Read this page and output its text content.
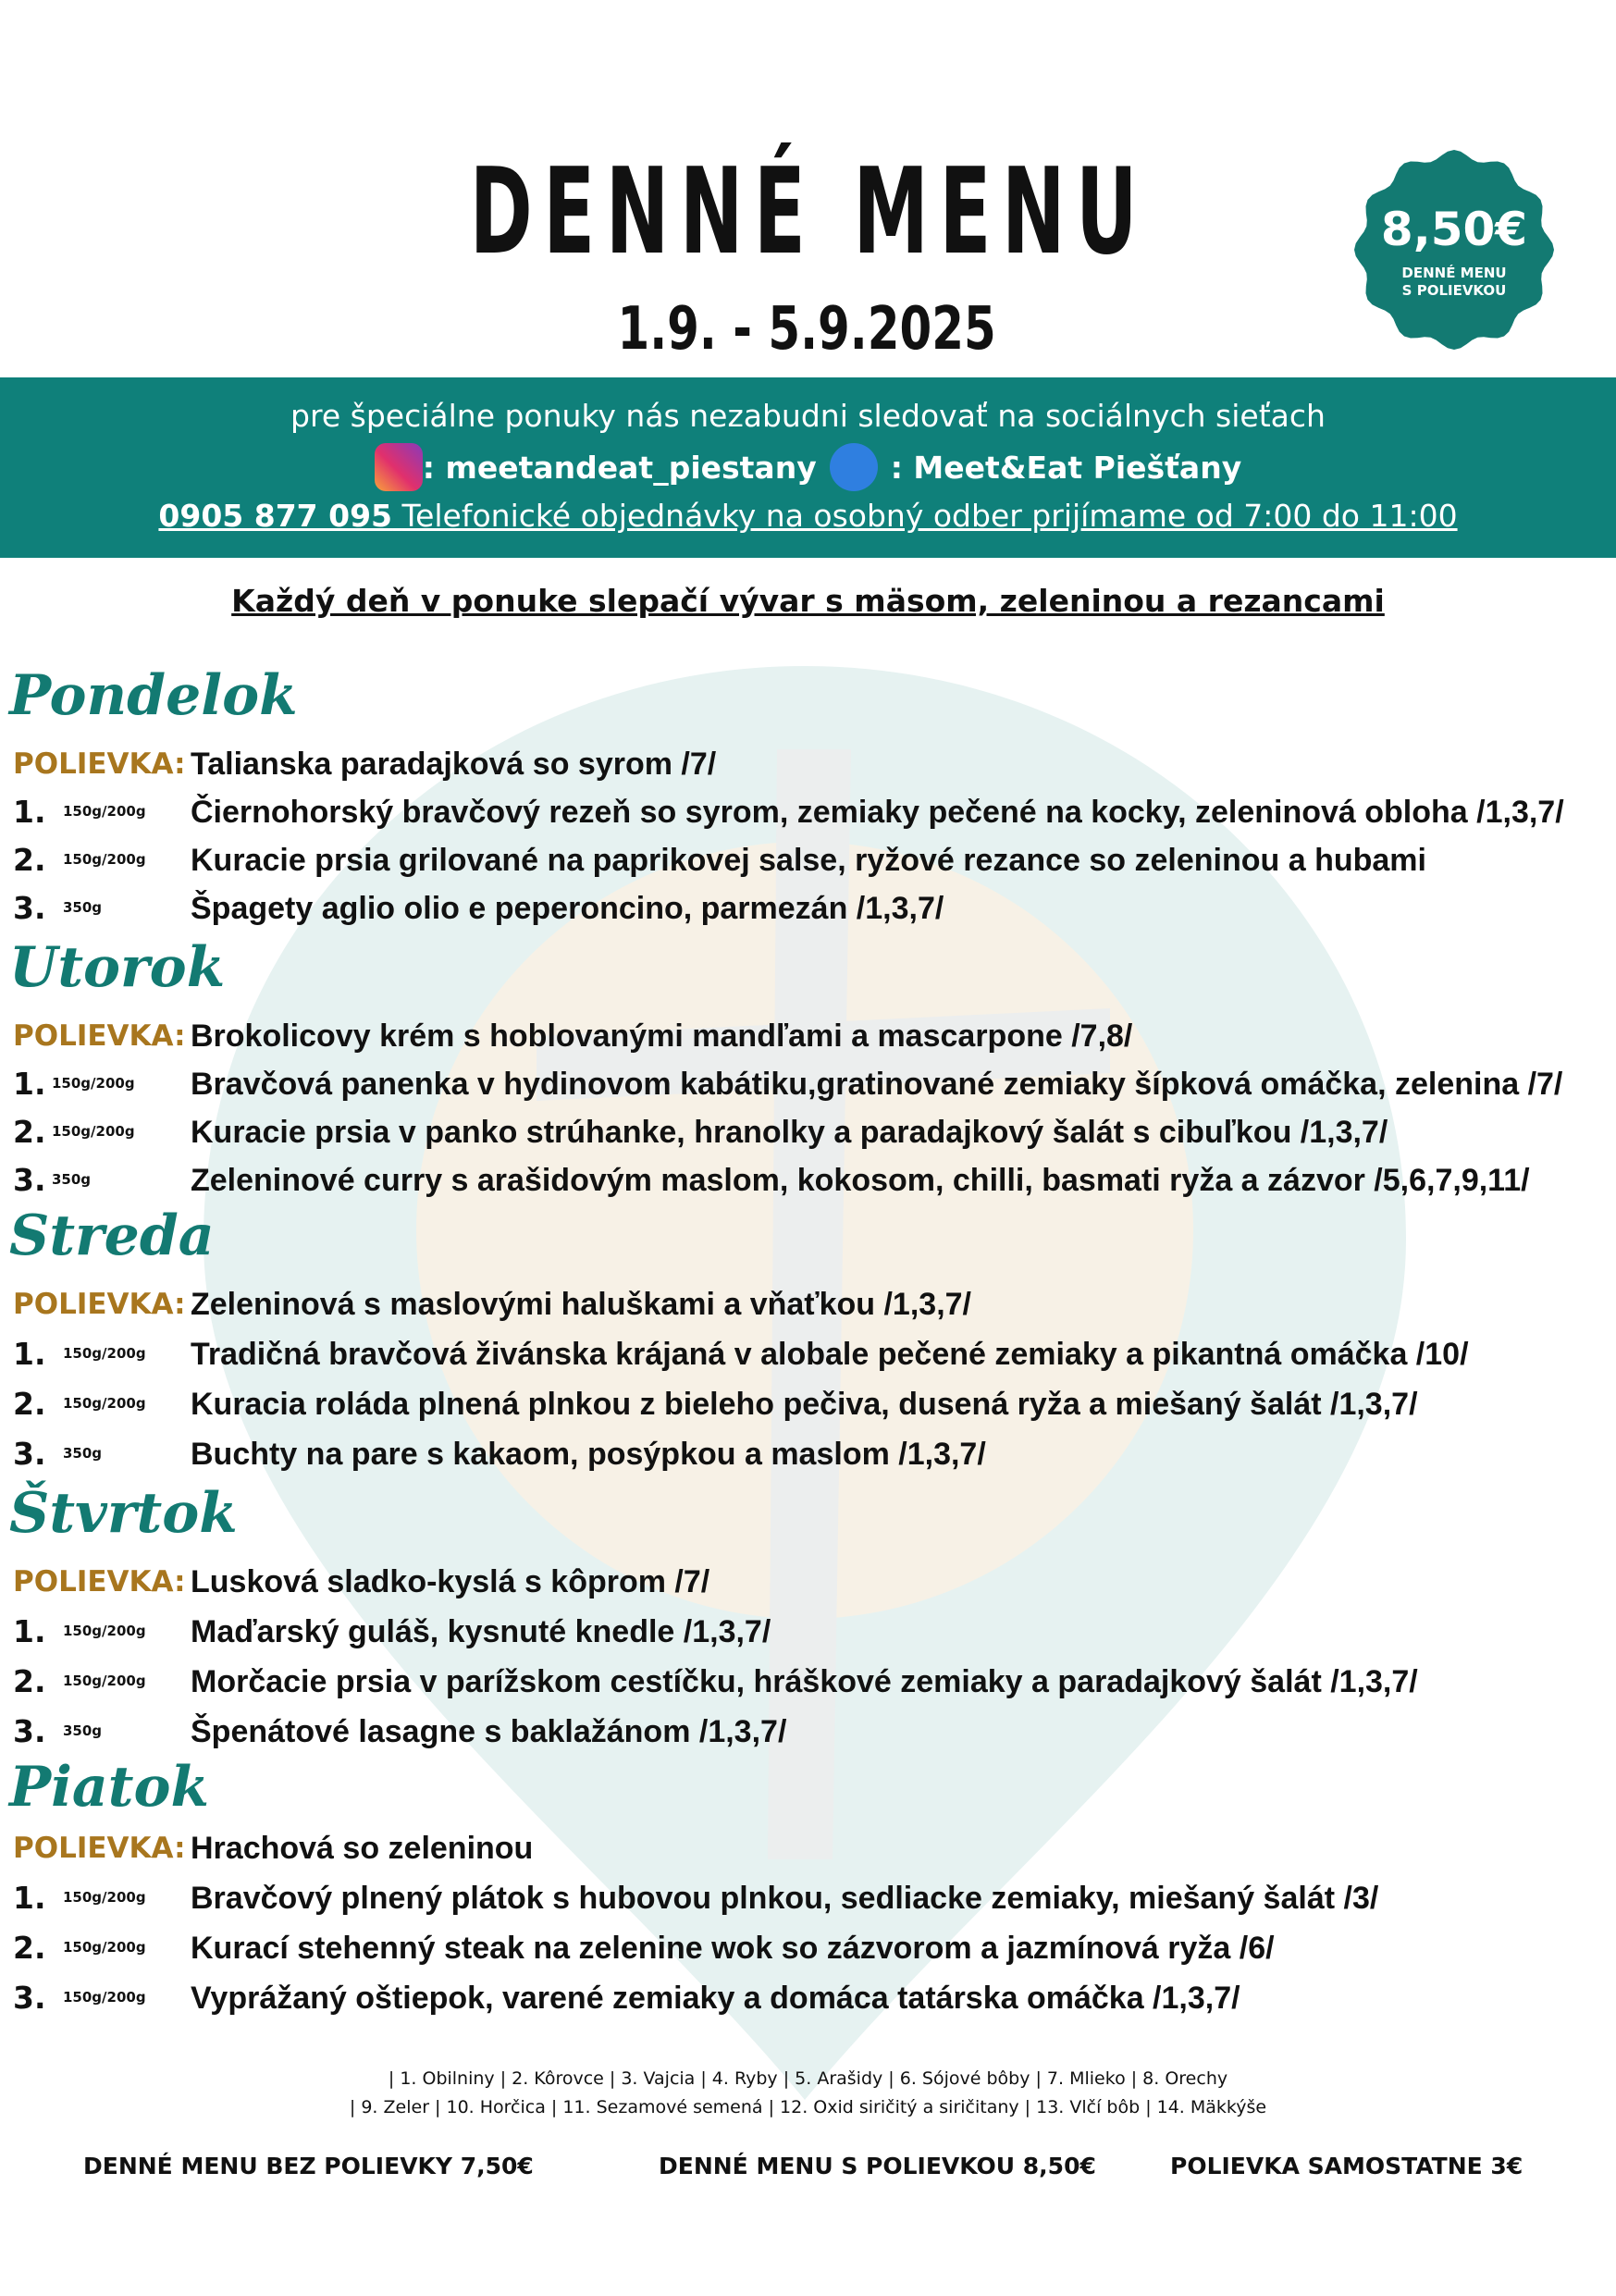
DENNÉ MENU
1.9. - 5.9.2025
8,50€
DENNÉ MENU
S POLIEVKOU
pre špeciálne ponuky nás nezabudni sledovať na sociálnych sieťach
: meetandeat_piestany : Meet&Eat Piešťany
0905 877 095 Telefonické objednávky na osobný odber prijímame od 7:00 do 11:00
Každý deň v ponuke slepačí vývar s mäsom, zeleninou a rezancami
Pondelok
POLIEVKA: Talianska paradajková so syrom /7/
1. 150g/200g Čiernohorský bravčový rezeň so syrom, zemiaky pečené na kocky, zeleninová obloha /1,3,7/
2. 150g/200g Kuracie prsia grilované na paprikovej salse, ryžové rezance so zeleninou a hubami
3. 350g	Špagety aglio olio e peperoncino, parmezán /1,3,7/
Utorok
POLIEVKA: Brokolicovy krém s hoblovanými mandľami a mascarpone /7,8/
1. 150g/200g Bravčová panenka v hydinovom kabátiku,gratinované zemiaky šípková omáčka, zelenina /7/
2. 150g/200g Kuracie prsia v panko strúhanke, hranolky a paradajkový šalát s cibuľkou /1,3,7/
3. 350g	Zeleninové curry s arašidovým maslom, kokosom, chilli, basmati ryža a zázvor /5,6,7,9,11/
Streda
POLIEVKA: Zeleninová s maslovými haluškami a vňaťkou /1,3,7/
1. 150g/200g Tradičná bravčová živánska krájaná v alobale pečené zemiaky a pikantná omáčka /10/
2. 150g/200g Kuracia roláda plnená plnkou z bieleho pečiva, dusená ryža a miešaný šalát /1,3,7/
3. 350g	Buchty na pare s kakaom, posýpkou a maslom /1,3,7/
Štvrtok
POLIEVKA: Lusková sladko-kyslá s kôprom /7/
1. 150g/200g Maďarský guláš, kysnuté knedle /1,3,7/
2. 150g/200g Morčacie prsia v parížskom cestíčku, hráškové zemiaky a paradajkový šalát /1,3,7/
3. 350g	Špenátové lasagne s baklažánom /1,3,7/
Piatok
POLIEVKA: Hrachová so zeleninou
1. 150g/200g Bravčový plnený plátok s hubovou plnkou, sedliacke zemiaky, miešaný šalát /3/
2. 150g/200g Kurací stehenný steak na zelenine wok so zázvorom a jazmínová ryža /6/
3. 150g/200g Vyprážaný oštiepok, varené zemiaky a domáca tatárska omáčka /1,3,7/
| 1. Obilniny | 2. Kôrovce | 3. Vajcia | 4. Ryby | 5. Arašidy | 6. Sójové bôby | 7. Mlieko | 8. Orechy
| 9. Zeler | 10. Horčica | 11. Sezamové semená | 12. Oxid siričitý a siričitany | 13. Vlčí bôb | 14. Mäkkýše
DENNÉ MENU BEZ POLIEVKY 7,50€	DENNÉ MENU S POLIEVKOU 8,50€	POLIEVKA SAMOSTATNE 3€
